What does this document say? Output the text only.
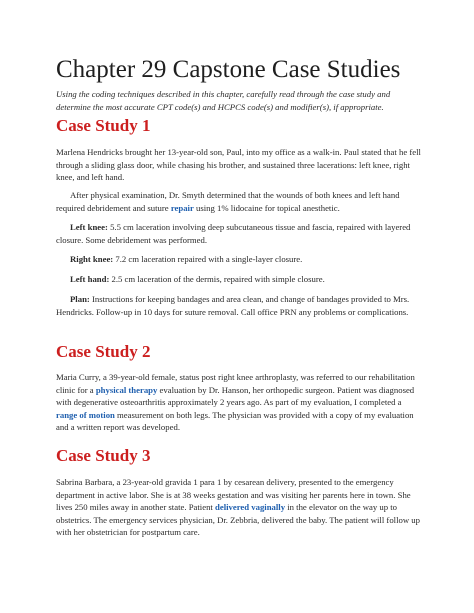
Chapter 29 Capstone Case Studies

Using the coding techniques described in this chapter, carefully read through the case study and determine the most accurate CPT code(s) and HCPCS code(s) and modifier(s), if appropriate.

Case Study 1

Marlena Hendricks brought her 13-year-old son, Paul, into my office as a walk-in. Paul stated that he fell through a sliding glass door, while chasing his brother, and sustained three lacerations: left knee, right knee, and left hand.

After physical examination, Dr. Smyth determined that the wounds of both knees and left hand required debridement and suture repair using 1% lidocaine for topical anesthetic.

Left knee: 5.5 cm laceration involving deep subcutaneous tissue and fascia, repaired with layered closure. Some debridement was performed.

Right knee: 7.2 cm laceration repaired with a single-layer closure.

Left hand: 2.5 cm laceration of the dermis, repaired with simple closure.

Plan: Instructions for keeping bandages and area clean, and change of bandages provided to Mrs. Hendricks. Follow-up in 10 days for suture removal. Call office PRN any problems or complications.

Case Study 2

Maria Curry, a 39-year-old female, status post right knee arthroplasty, was referred to our rehabilitation clinic for a physical therapy evaluation by Dr. Hanson, her orthopedic surgeon. Patient was diagnosed with degenerative osteoarthritis approximately 2 years ago. As part of my evaluation, I completed a range of motion measurement on both legs. The physician was provided with a copy of my evaluation and a written report was developed.

Case Study 3

Sabrina Barbara, a 23-year-old gravida 1 para 1 by cesarean delivery, presented to the emergency department in active labor. She is at 38 weeks gestation and was visiting her parents here in town. She lives 250 miles away in another state. Patient delivered vaginally in the elevator on the way up to obstetrics. The emergency services physician, Dr. Zebbria, delivered the baby. The patient will follow up with her obstetrician for postpartum care.
